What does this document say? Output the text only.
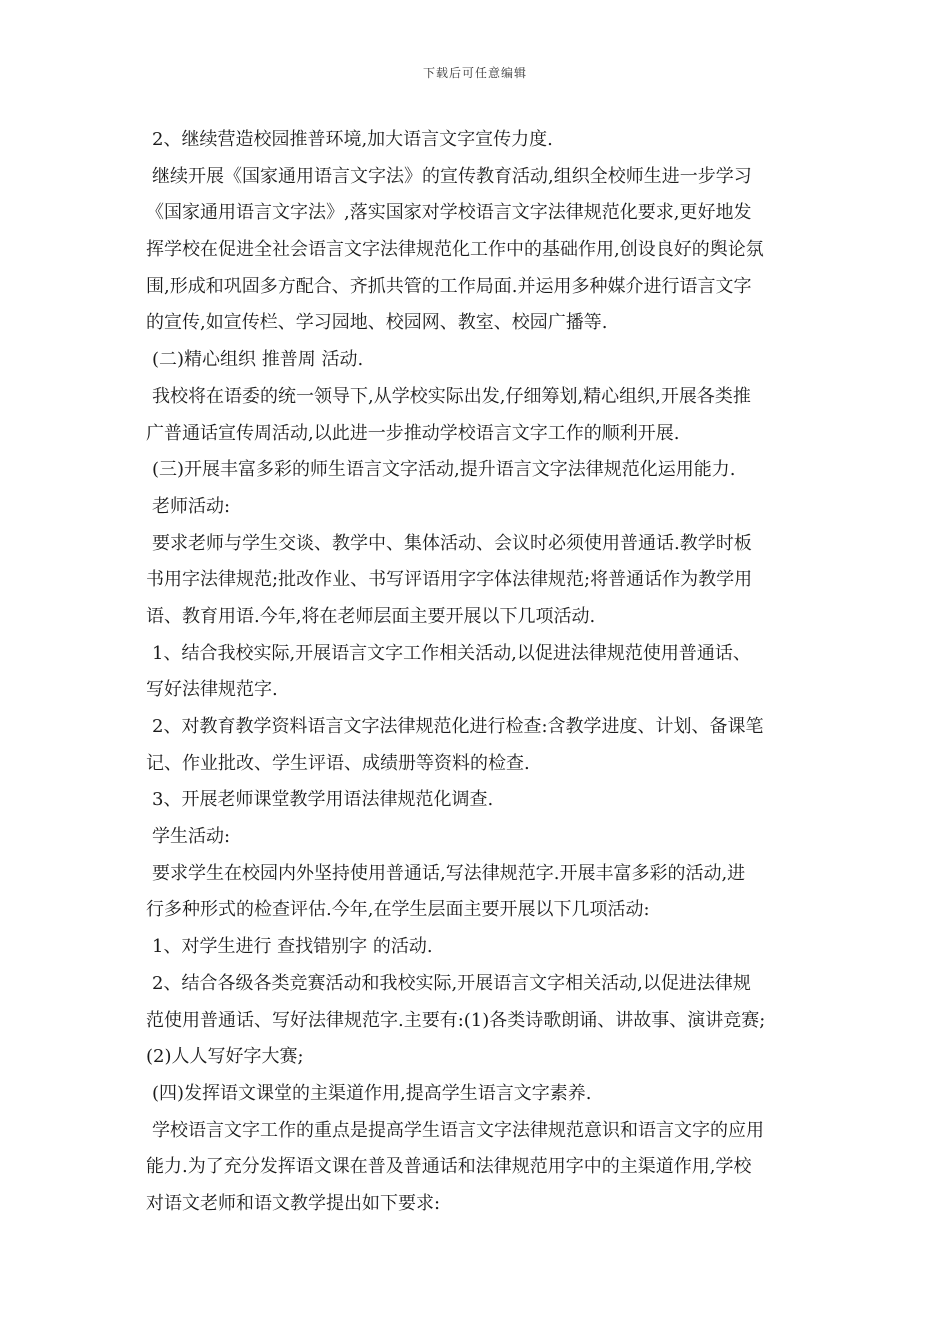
下载后可任意编辑
2、继续营造校园推普环境,加大语言文字宣传力度.
继续开展《国家通用语言文字法》的宣传教育活动,组织全校师生进一步学习
《国家通用语言文字法》,落实国家对学校语言文字法律规范化要求,更好地发
挥学校在促进全社会语言文字法律规范化工作中的基础作用,创设良好的舆论氛
围,形成和巩固多方配合、齐抓共管的工作局面.并运用多种媒介进行语言文字
的宣传,如宣传栏、学习园地、校园网、教室、校园广播等.
(二)精心组织 推普周 活动.
我校将在语委的统一领导下,从学校实际出发,仔细筹划,精心组织,开展各类推
广普通话宣传周活动,以此进一步推动学校语言文字工作的顺利开展.
(三)开展丰富多彩的师生语言文字活动,提升语言文字法律规范化运用能力.
老师活动:
要求老师与学生交谈、教学中、集体活动、会议时必须使用普通话.教学时板
书用字法律规范;批改作业、书写评语用字字体法律规范;将普通话作为教学用
语、教育用语.今年,将在老师层面主要开展以下几项活动.
1、结合我校实际,开展语言文字工作相关活动,以促进法律规范使用普通话、
写好法律规范字.
2、对教育教学资料语言文字法律规范化进行检查:含教学进度、计划、备课笔
记、作业批改、学生评语、成绩册等资料的检查.
3、开展老师课堂教学用语法律规范化调查.
学生活动:
要求学生在校园内外坚持使用普通话,写法律规范字.开展丰富多彩的活动,进
行多种形式的检查评估.今年,在学生层面主要开展以下几项活动:
1、对学生进行 查找错别字 的活动.
2、结合各级各类竞赛活动和我校实际,开展语言文字相关活动,以促进法律规
范使用普通话、写好法律规范字.主要有:(1)各类诗歌朗诵、讲故事、演讲竞赛;
(2)人人写好字大赛;
(四)发挥语文课堂的主渠道作用,提高学生语言文字素养.
学校语言文字工作的重点是提高学生语言文字法律规范意识和语言文字的应用
能力.为了充分发挥语文课在普及普通话和法律规范用字中的主渠道作用,学校
对语文老师和语文教学提出如下要求:
